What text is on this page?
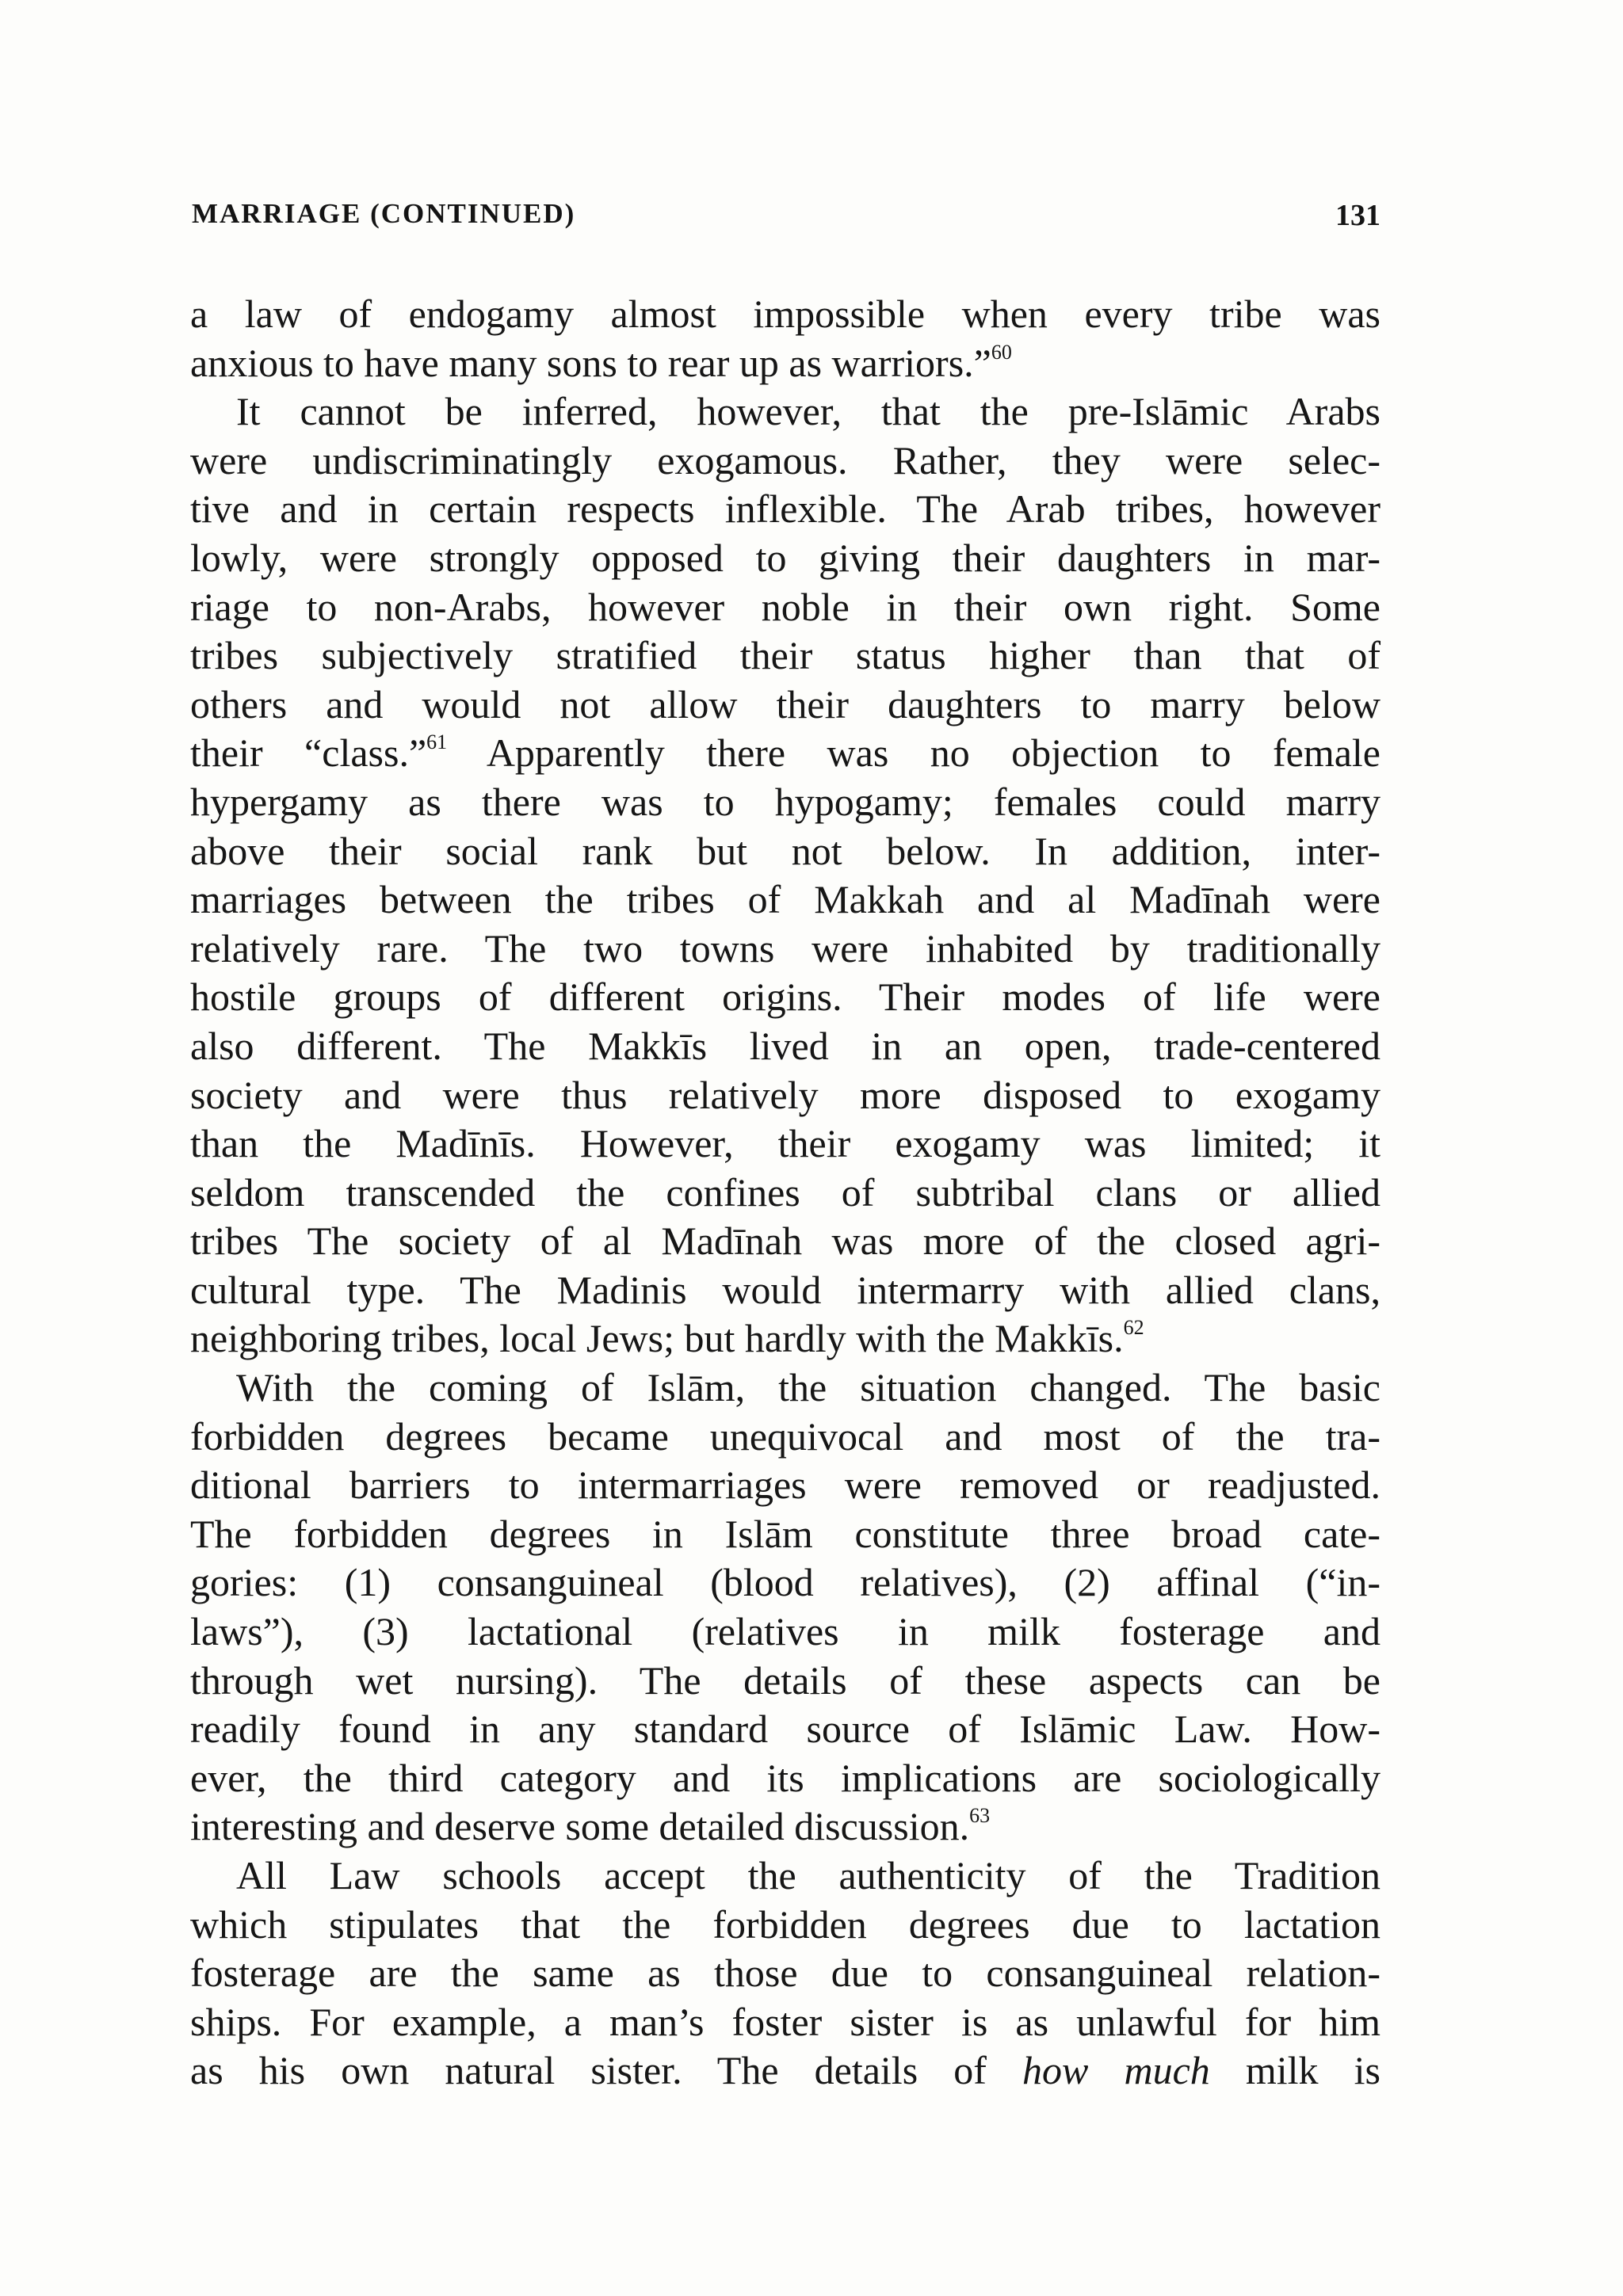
MARRIAGE (CONTINUED)	131
a law of endogamy almost impossible when every tribe was
anxious to have many sons to rear up as warriors.”$^{60}$
It cannot be inferred, however, that the pre-Islāmic Arabs
were undiscriminatingly exogamous. Rather, they were selec-
tive and in certain respects inflexible. The Arab tribes, however
lowly, were strongly opposed to giving their daughters in mar-
riage to non-Arabs, however noble in their own right. Some
tribes subjectively stratified their status higher than that of
others and would not allow their daughters to marry below
their “class.”$^{61}$ Apparently there was no objection to female
hypergamy as there was to hypogamy; females could marry
above their social rank but not below. In addition, inter-
marriages between the tribes of Makkah and al Madīnah were
relatively rare. The two towns were inhabited by traditionally
hostile groups of different origins. Their modes of life were
also different. The Makkīs lived in an open, trade-centered
society and were thus relatively more disposed to exogamy
than the Madīnīs. However, their exogamy was limited; it
seldom transcended the confines of subtribal clans or allied
tribes The society of al Madīnah was more of the closed agri-
cultural type. The Madinis would intermarry with allied clans,
neighboring tribes, local Jews; but hardly with the Makkīs.$^{62}$
With the coming of Islām, the situation changed. The basic
forbidden degrees became unequivocal and most of the tra-
ditional barriers to intermarriages were removed or readjusted.
The forbidden degrees in Islām constitute three broad cate-
gories: (1) consanguineal (blood relatives), (2) affinal (“in-
laws”), (3) lactational (relatives in milk fosterage and
through wet nursing). The details of these aspects can be
readily found in any standard source of Islāmic Law. How-
ever, the third category and its implications are sociologically
interesting and deserve some detailed discussion.$^{63}$
All Law schools accept the authenticity of the Tradition
which stipulates that the forbidden degrees due to lactation
fosterage are the same as those due to consanguineal relation-
ships. For example, a man’s foster sister is as unlawful for him
as his own natural sister. The details of how much milk is
